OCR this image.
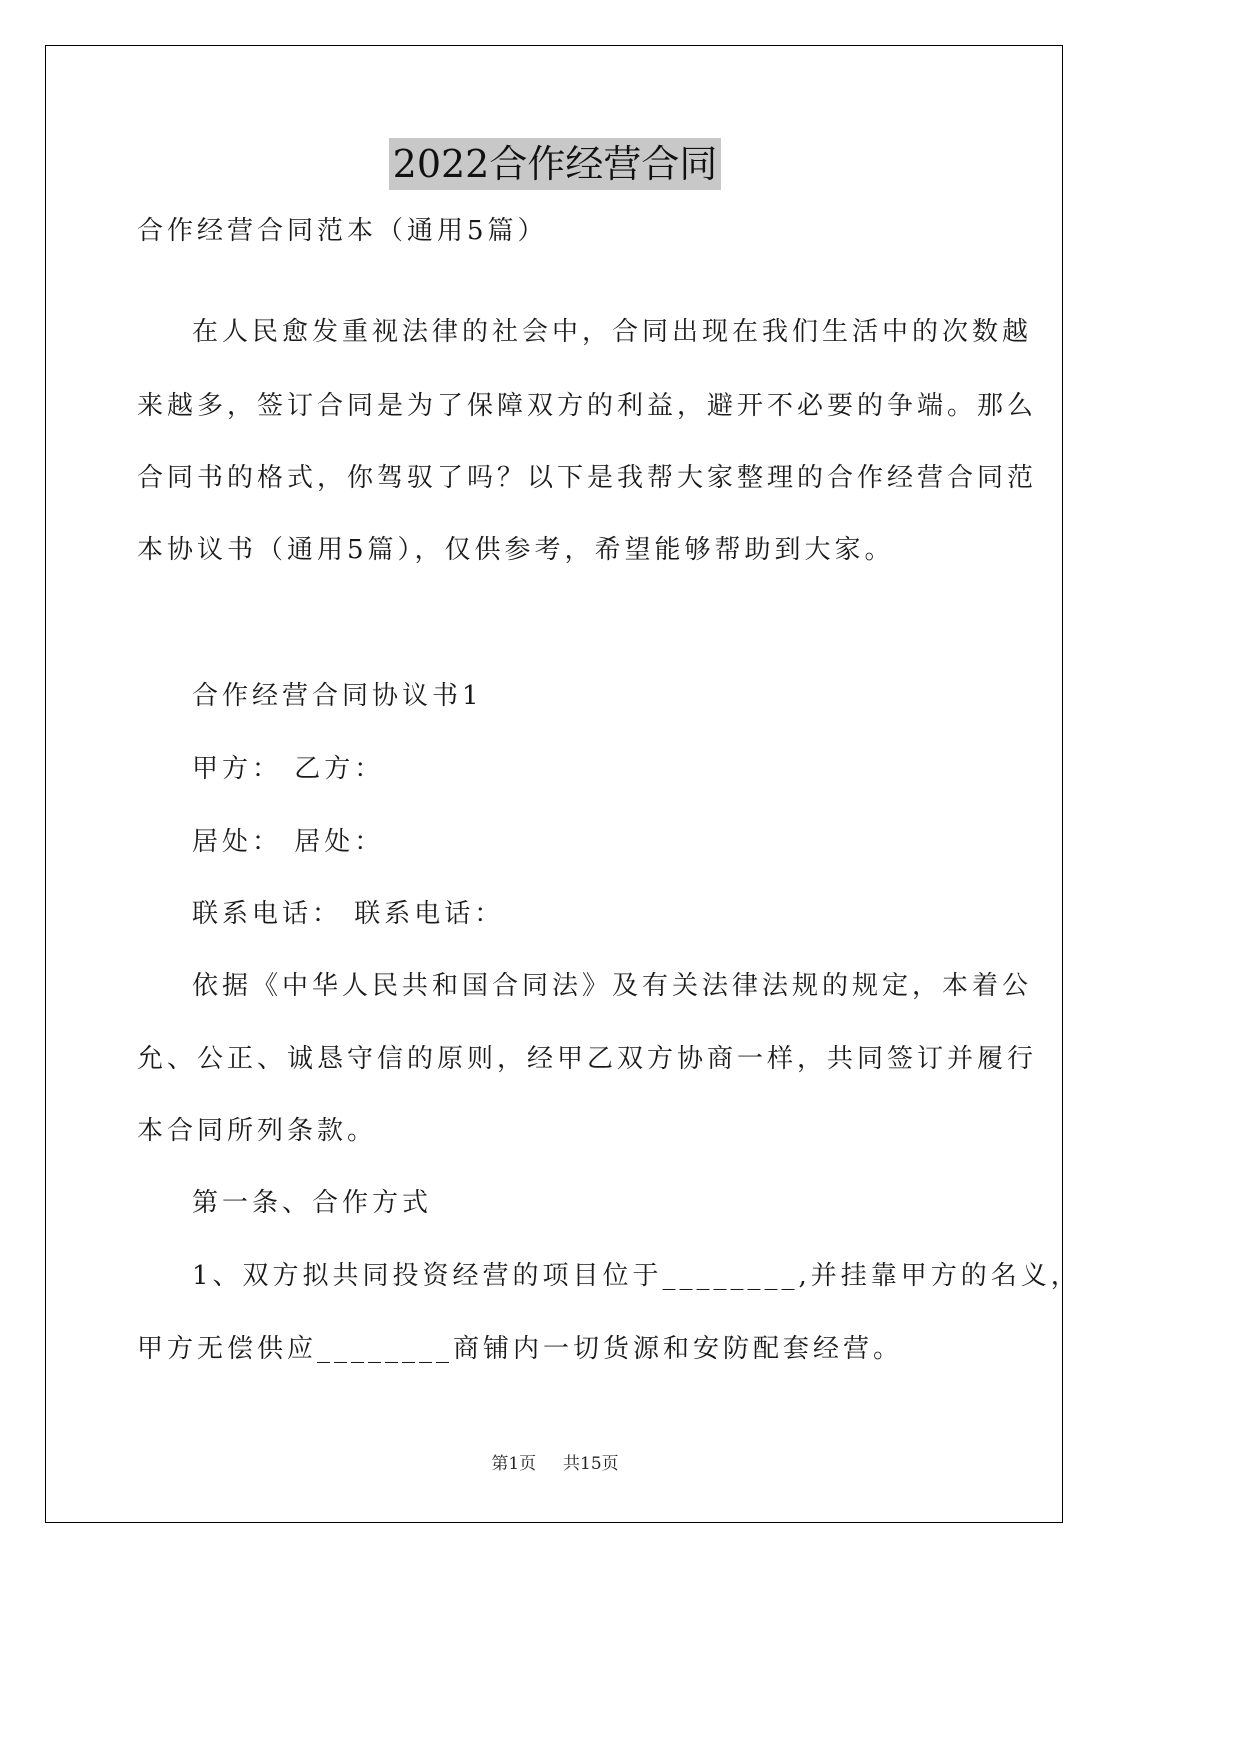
2022合作经营合同
合作经营合同范本（通用5篇）
在人民愈发重视法律的社会中，合同出现在我们生活中的次数越
来越多，签订合同是为了保障双方的利益，避开不必要的争端。那么
合同书的格式，你驾驭了吗？以下是我帮大家整理的合作经营合同范
本协议书（通用5篇），仅供参考，希望能够帮助到大家。
合作经营合同协议书1
甲方： 乙方：
居处： 居处：
联系电话： 联系电话：
依据《中华人民共和国合同法》及有关法律法规的规定，本着公
允、公正、诚恳守信的原则，经甲乙双方协商一样，共同签订并履行
本合同所列条款。
第一条、合作方式
1、双方拟共同投资经营的项目位于________,并挂靠甲方的名义，
甲方无偿供应________商铺内一切货源和安防配套经营。
第1页 共15页
